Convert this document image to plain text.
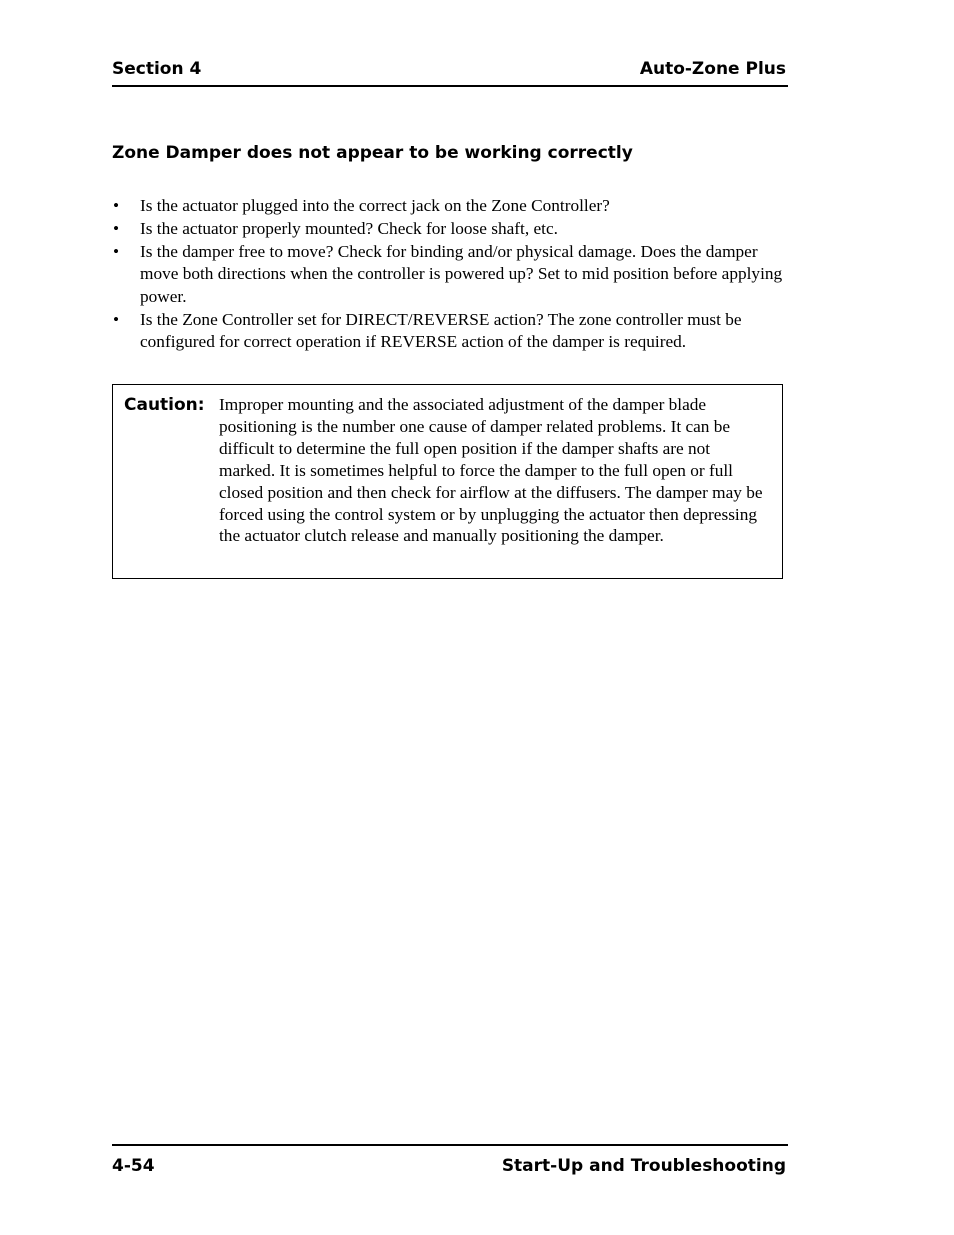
Section 4	Auto-Zone Plus
Zone Damper does not appear to be working correctly
• Is the actuator plugged into the correct jack on the Zone Controller?
• Is the actuator properly mounted? Check for loose shaft, etc.
• Is the damper free to move? Check for binding and/or physical damage. Does the damper move both directions when the controller is powered up? Set to mid position before applying power.
• Is the Zone Controller set for DIRECT/REVERSE action? The zone controller must be configured for correct operation if REVERSE action of the damper is required.
Caution: Improper mounting and the associated adjustment of the damper blade positioning is the number one cause of damper related problems. It can be difficult to determine the full open position if the damper shafts are not marked. It is sometimes helpful to force the damper to the full open or full closed position and then check for airflow at the diffusers. The damper may be forced using the control system or by unplugging the actuator then depressing the actuator clutch release and manually positioning the damper.
4-54	Start-Up and Troubleshooting
